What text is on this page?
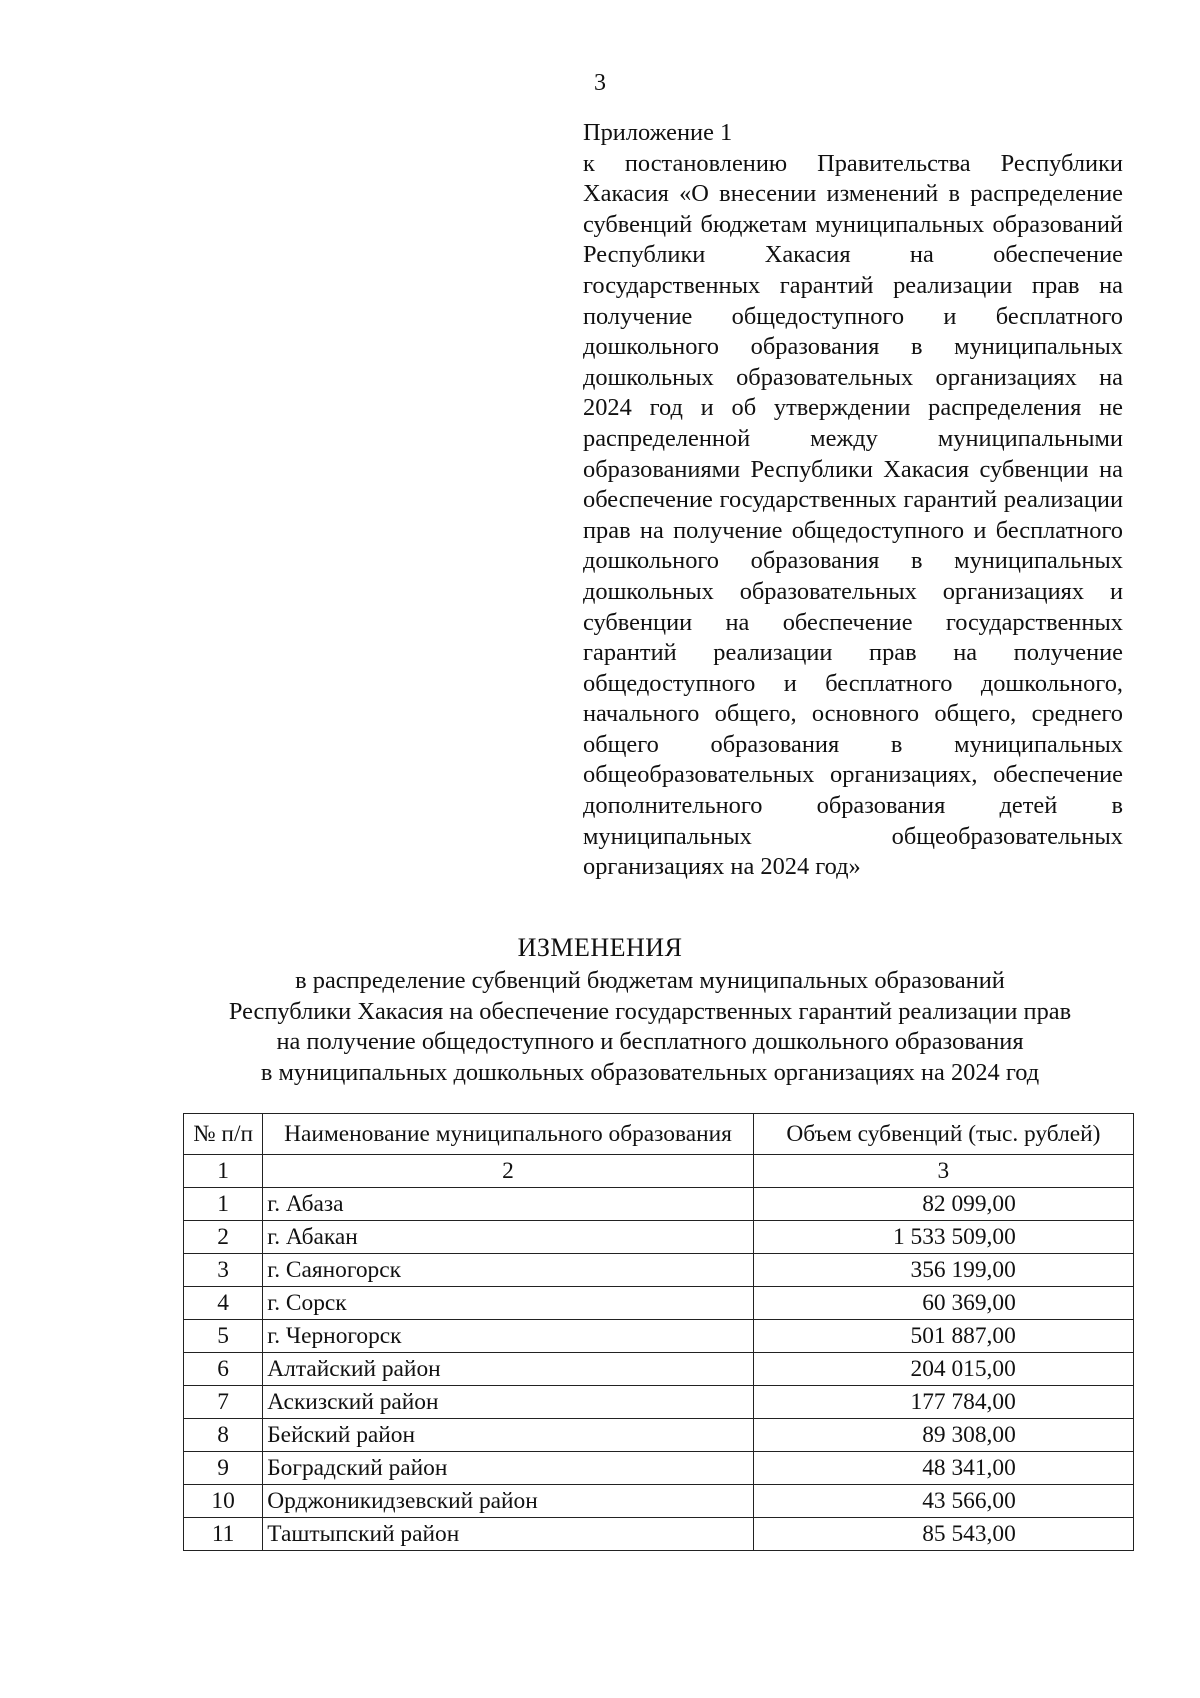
3
Приложение 1
к постановлению Правительства Республики Хакасия «О внесении изменений в распределение субвенций бюджетам муниципальных образований Республики Хакасия на обеспечение государственных гарантий реализации прав на получение общедоступного и бесплатного дошкольного образования в муниципальных дошкольных образовательных организациях на 2024 год и об утверждении распределения не распределенной между муниципальными образованиями Республики Хакасия субвенции на обеспечение государственных гарантий реализации прав на получение общедоступного и бесплатного дошкольного образования в муниципальных дошкольных образовательных организациях и субвенции на обеспечение государственных гарантий реализации прав на получение общедоступного и бесплатного дошкольного, начального общего, основного общего, среднего общего образования в муниципальных общеобразовательных организациях, обеспечение дополнительного образования детей в муниципальных общеобразовательных организациях на 2024 год»
ИЗМЕНЕНИЯ
в распределение субвенций бюджетам муниципальных образований
Республики Хакасия на обеспечение государственных гарантий реализации прав
на получение общедоступного и бесплатного дошкольного образования
в муниципальных дошкольных образовательных организациях на 2024 год
№ п/п	Наименование муниципального образования	Объем субвенций (тыс. рублей)
1	2	3
1	г. Абаза	82 099,00
2	г. Абакан	1 533 509,00
3	г. Саяногорск	356 199,00
4	г. Сорск	60 369,00
5	г. Черногорск	501 887,00
6	Алтайский район	204 015,00
7	Аскизский район	177 784,00
8	Бейский район	89 308,00
9	Боградский район	48 341,00
10	Орджоникидзевский район	43 566,00
11	Таштыпский район	85 543,00
